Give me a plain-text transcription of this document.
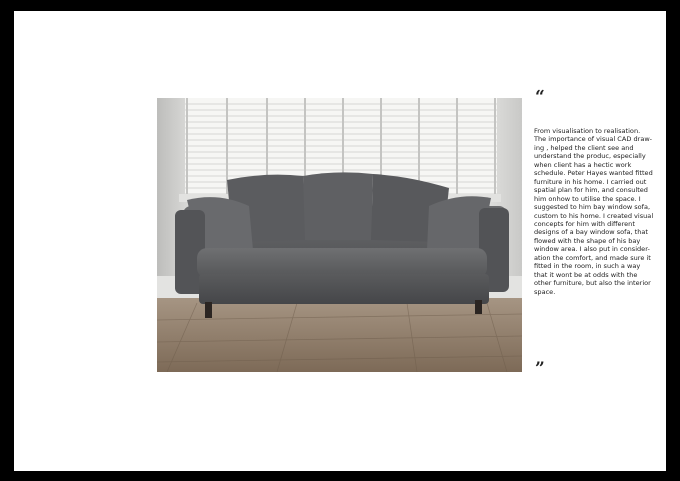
“

From visualisation to realisation.
The importance of visual CAD draw-
ing , helped the client see and
understand the produc, especially
when client has a hectic work
schedule. Peter Hayes wanted fitted
furniture in his home. I carried out
spatial plan for him, and consulted
him onhow to utilise the space. I
suggested to him bay window sofa,
custom to his home. I created visual
concepts for him with different
designs of a bay window sofa, that
flowed with the shape of his bay
window area. I also put in consider-
ation the comfort, and made sure it
fitted in the room, in such a way
that it wont be at odds with the
other furniture, but also the interior
space.

”
